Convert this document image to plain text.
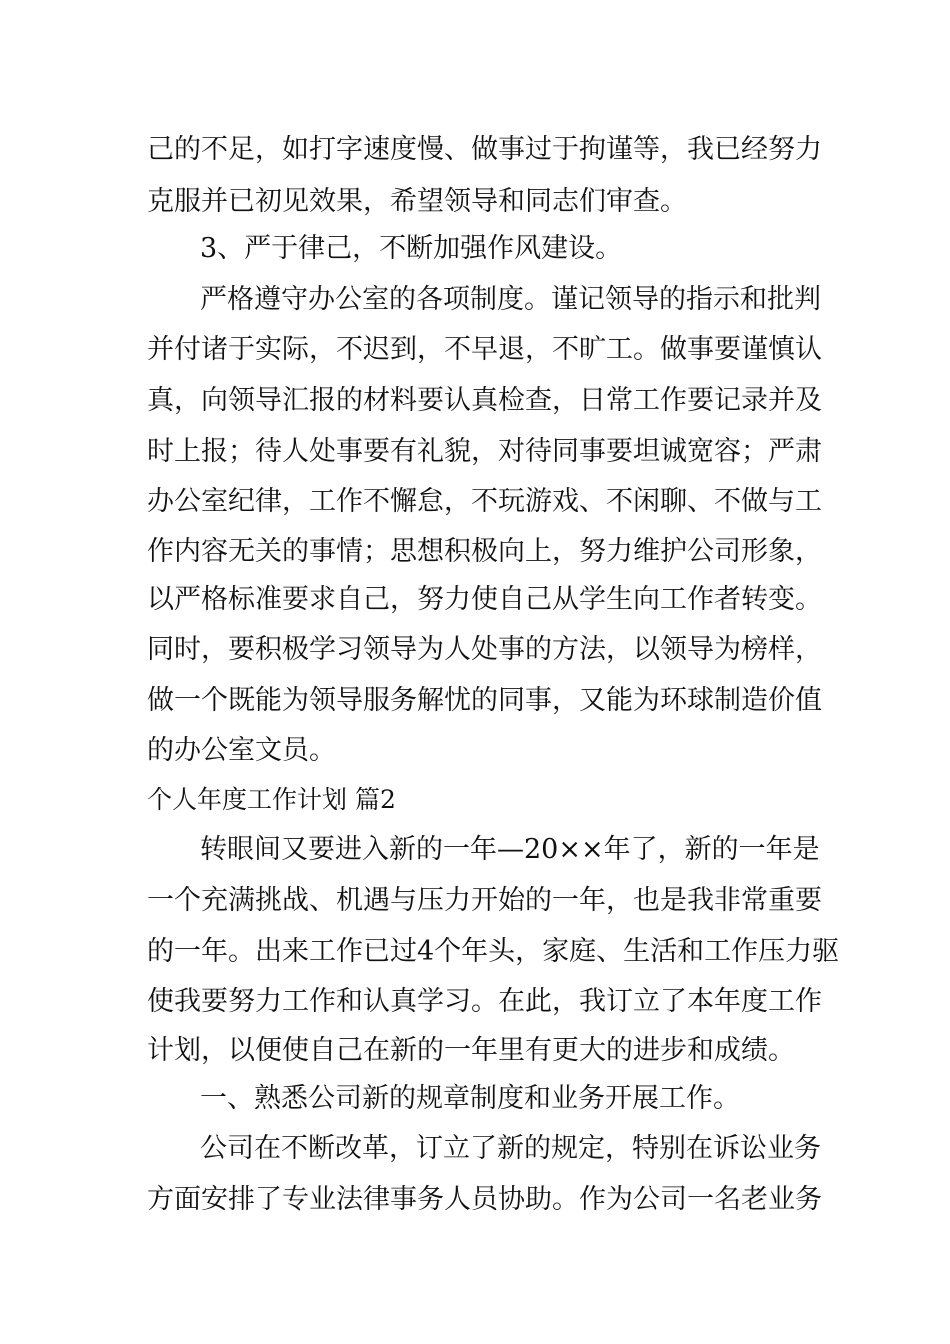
己的不足，如打字速度慢、做事过于拘谨等，我已经努力
克服并已初见效果，希望领导和同志们审查。
3、严于律己，不断加强作风建设。
严格遵守办公室的各项制度。谨记领导的指示和批判
并付诸于实际，不迟到，不早退，不旷工。做事要谨慎认
真，向领导汇报的材料要认真检查，日常工作要记录并及
时上报；待人处事要有礼貌，对待同事要坦诚宽容；严肃
办公室纪律，工作不懈怠，不玩游戏、不闲聊、不做与工
作内容无关的事情；思想积极向上，努力维护公司形象，
以严格标准要求自己，努力使自己从学生向工作者转变。
同时，要积极学习领导为人处事的方法，以领导为榜样，
做一个既能为领导服务解忧的同事，又能为环球制造价值
的办公室文员。
个人年度工作计划 篇2
转眼间又要进入新的一年—20××年了，新的一年是
一个充满挑战、机遇与压力开始的一年，也是我非常重要
的一年。出来工作已过4个年头，家庭、生活和工作压力驱
使我要努力工作和认真学习。在此，我订立了本年度工作
计划，以便使自己在新的一年里有更大的进步和成绩。
一、熟悉公司新的规章制度和业务开展工作。
公司在不断改革，订立了新的规定，特别在诉讼业务
方面安排了专业法律事务人员协助。作为公司一名老业务
